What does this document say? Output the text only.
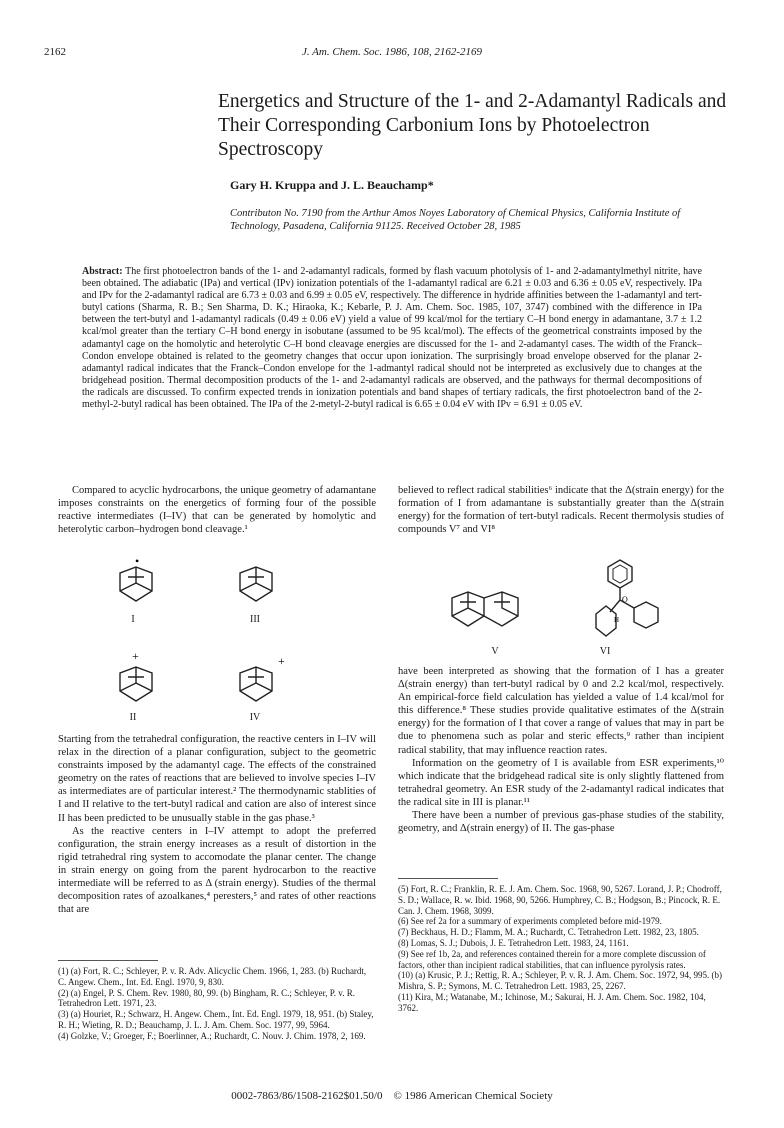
2162	J. Am. Chem. Soc. 1986, 108, 2162-2169
Energetics and Structure of the 1- and 2-Adamantyl Radicals and Their Corresponding Carbonium Ions by Photoelectron Spectroscopy
Gary H. Kruppa and J. L. Beauchamp*
Contributon No. 7190 from the Arthur Amos Noyes Laboratory of Chemical Physics, California Institute of Technology, Pasadena, California 91125. Received October 28, 1985
Abstract: The first photoelectron bands of the 1- and 2-adamantyl radicals, formed by flash vacuum photolysis of 1- and 2-adamantylmethyl nitrite, have been obtained. The adiabatic (IPa) and vertical (IPv) ionization potentials of the 1-adamantyl radical are 6.21 ± 0.03 and 6.36 ± 0.05 eV, respectively. IPa and IPv for the 2-adamantyl radical are 6.73 ± 0.03 and 6.99 ± 0.05 eV, respectively. The difference in hydride affinities between the 1-adamantyl and tert-butyl cations (Sharma, R. B.; Sen Sharma, D. K.; Hiraoka, K.; Kebarle, P. J. Am. Chem. Soc. 1985, 107, 3747) combined with the difference in IPa between the tert-butyl and 1-adamantyl radicals (0.49 ± 0.06 eV) yield a value of 99 kcal/mol for the tertiary C–H bond energy in adamantane, 3.7 ± 1.2 kcal/mol greater than the tertiary C–H bond energy in isobutane (assumed to be 95 kcal/mol). The effects of the geometrical constraints imposed by the adamantyl cage on the homolytic and heterolytic C–H bond cleavage energies are discussed for the 1- and 2-adamantyl cases. The width of the Franck–Condon envelope obtained is related to the geometry changes that occur upon ionization. The surprisingly broad envelope observed for the planar 2-adamantyl radical indicates that the Franck–Condon envelope for the 1-admantyl radical should not be interpreted as exclusively due to changes at the bridgehead position. Thermal decomposition products of the 1- and 2-adamantyl radicals are observed, and the pathways for thermal decompositions of the radicals are discussed. To confirm expected trends in ionization potentials and band shapes of tertiary radicals, the first photoelectron band of the 2-methyl-2-butyl radical has been obtained. The IPa of the 2-metyl-2-butyl radical is 6.65 ± 0.04 eV with IPv = 6.91 ± 0.05 eV.

Compared to acyclic hydrocarbons, the unique geometry of adamantane imposes constraints on the energetics of forming four of the possible reactive intermediates (I–IV) that can be generated by homolytic and heterolytic carbon–hydrogen bond cleavage.¹

•
+	+
I	III
II	IV

Starting from the tetrahedral configuration, the reactive centers in I–IV will relax in the direction of a planar configuration, subject to the geometric constraints imposed by the adamantyl cage. The effects of the constrained geometry on the rates of reactions that are believed to involve species I–IV as intermediates are of particular interest.² The thermodynamic stablities of I and II relative to the tert-butyl radical and cation are also of interest since II has been predicted to be unusually stable in the gas phase.³

As the reactive centers in I–IV attempt to adopt the preferred configuration, the strain energy increases as a result of distortion in the rigid tetrahedral ring system to accomodate the planar center. The change in strain energy on going from the parent hydrocarbon to the reactive intermediate will be referred to as Δ (strain energy). Studies of the thermal decomposition rates of azoalkanes,⁴ peresters,⁵ and rates of other reactions that are

(1) (a) Fort, R. C.; Schleyer, P. v. R. Adv. Alicyclic Chem. 1966, 1, 283. (b) Ruchardt, C. Angew. Chem., Int. Ed. Engl. 1970, 9, 830.
(2) (a) Engel, P. S. Chem. Rev. 1980, 80, 99. (b) Bingham, R. C.; Schleyer, P. v. R. Tetrahedron Lett. 1971, 23.
(3) (a) Houriet, R.; Schwarz, H. Angew. Chem., Int. Ed. Engl. 1979, 18, 951. (b) Staley, R. H.; Wieting, R. D.; Beauchamp, J. L. J. Am. Chem. Soc. 1977, 99, 5964.
(4) Golzke, V.; Groeger, F.; Boerlinner, A.; Ruchardt, C. Nouv. J. Chim. 1978, 2, 169.

believed to reflect radical stabilities⁶ indicate that the Δ(strain energy) for the formation of I from adamantane is substantially greater than the Δ(strain energy) for the formation of tert-butyl radicals. Recent thermolysis studies of compounds V⁷ and VI⁸

O
H
V	VI

have been interpreted as showing that the formation of I has a greater Δ(strain energy) than tert-butyl radical by 0 and 2.2 kcal/mol, respectively. An empirical-force field calculation has yielded a value of 1.4 kcal/mol for this difference.⁸ These studies provide qualitative estimates of the Δ(strain energy) for the formation of I that cover a range of values that may in part be due to phenomena such as polar and steric effects,⁹ rather than incipient radical stability, that may influence reaction rates.

Information on the geometry of I is available from ESR experiments,¹⁰ which indicate that the bridgehead radical site is only slightly flattened from tetrahedral geometry. An ESR study of the 2-adamantyl radical indicates that the radical site in III is planar.¹¹

There have been a number of previous gas-phase studies of the stability, geometry, and Δ(strain energy) of II. The gas-phase

(5) Fort, R. C.; Franklin, R. E. J. Am. Chem. Soc. 1968, 90, 5267. Lorand, J. P.; Chodroff, S. D.; Wallace, R. w. Ibid. 1968, 90, 5266. Humphrey, C. B.; Hodgson, B.; Pincock, R. E. Can. J. Chem. 1968, 3099.
(6) See ref 2a for a summary of experiments completed before mid-1979.
(7) Beckhaus, H. D.; Flamm, M. A.; Ruchardt, C. Tetrahedron Lett. 1982, 23, 1805.
(8) Lomas, S. J.; Dubois, J. E. Tetrahedron Lett. 1983, 24, 1161.
(9) See ref 1b, 2a, and references contained therein for a more complete discussion of factors, other than incipient radical stabilities, that can influence pyrolysis rates.
(10) (a) Krusic, P. J.; Rettig, R. A.; Schleyer, P. v. R. J. Am. Chem. Soc. 1972, 94, 995. (b) Mishra, S. P.; Symons, M. C. Tetrahedron Lett. 1983, 25, 2267.
(11) Kira, M.; Watanabe, M.; Ichinose, M.; Sakurai, H. J. Am. Chem. Soc. 1982, 104, 3762.
0002-7863/86/1508-2162$01.50/0 © 1986 American Chemical Society
